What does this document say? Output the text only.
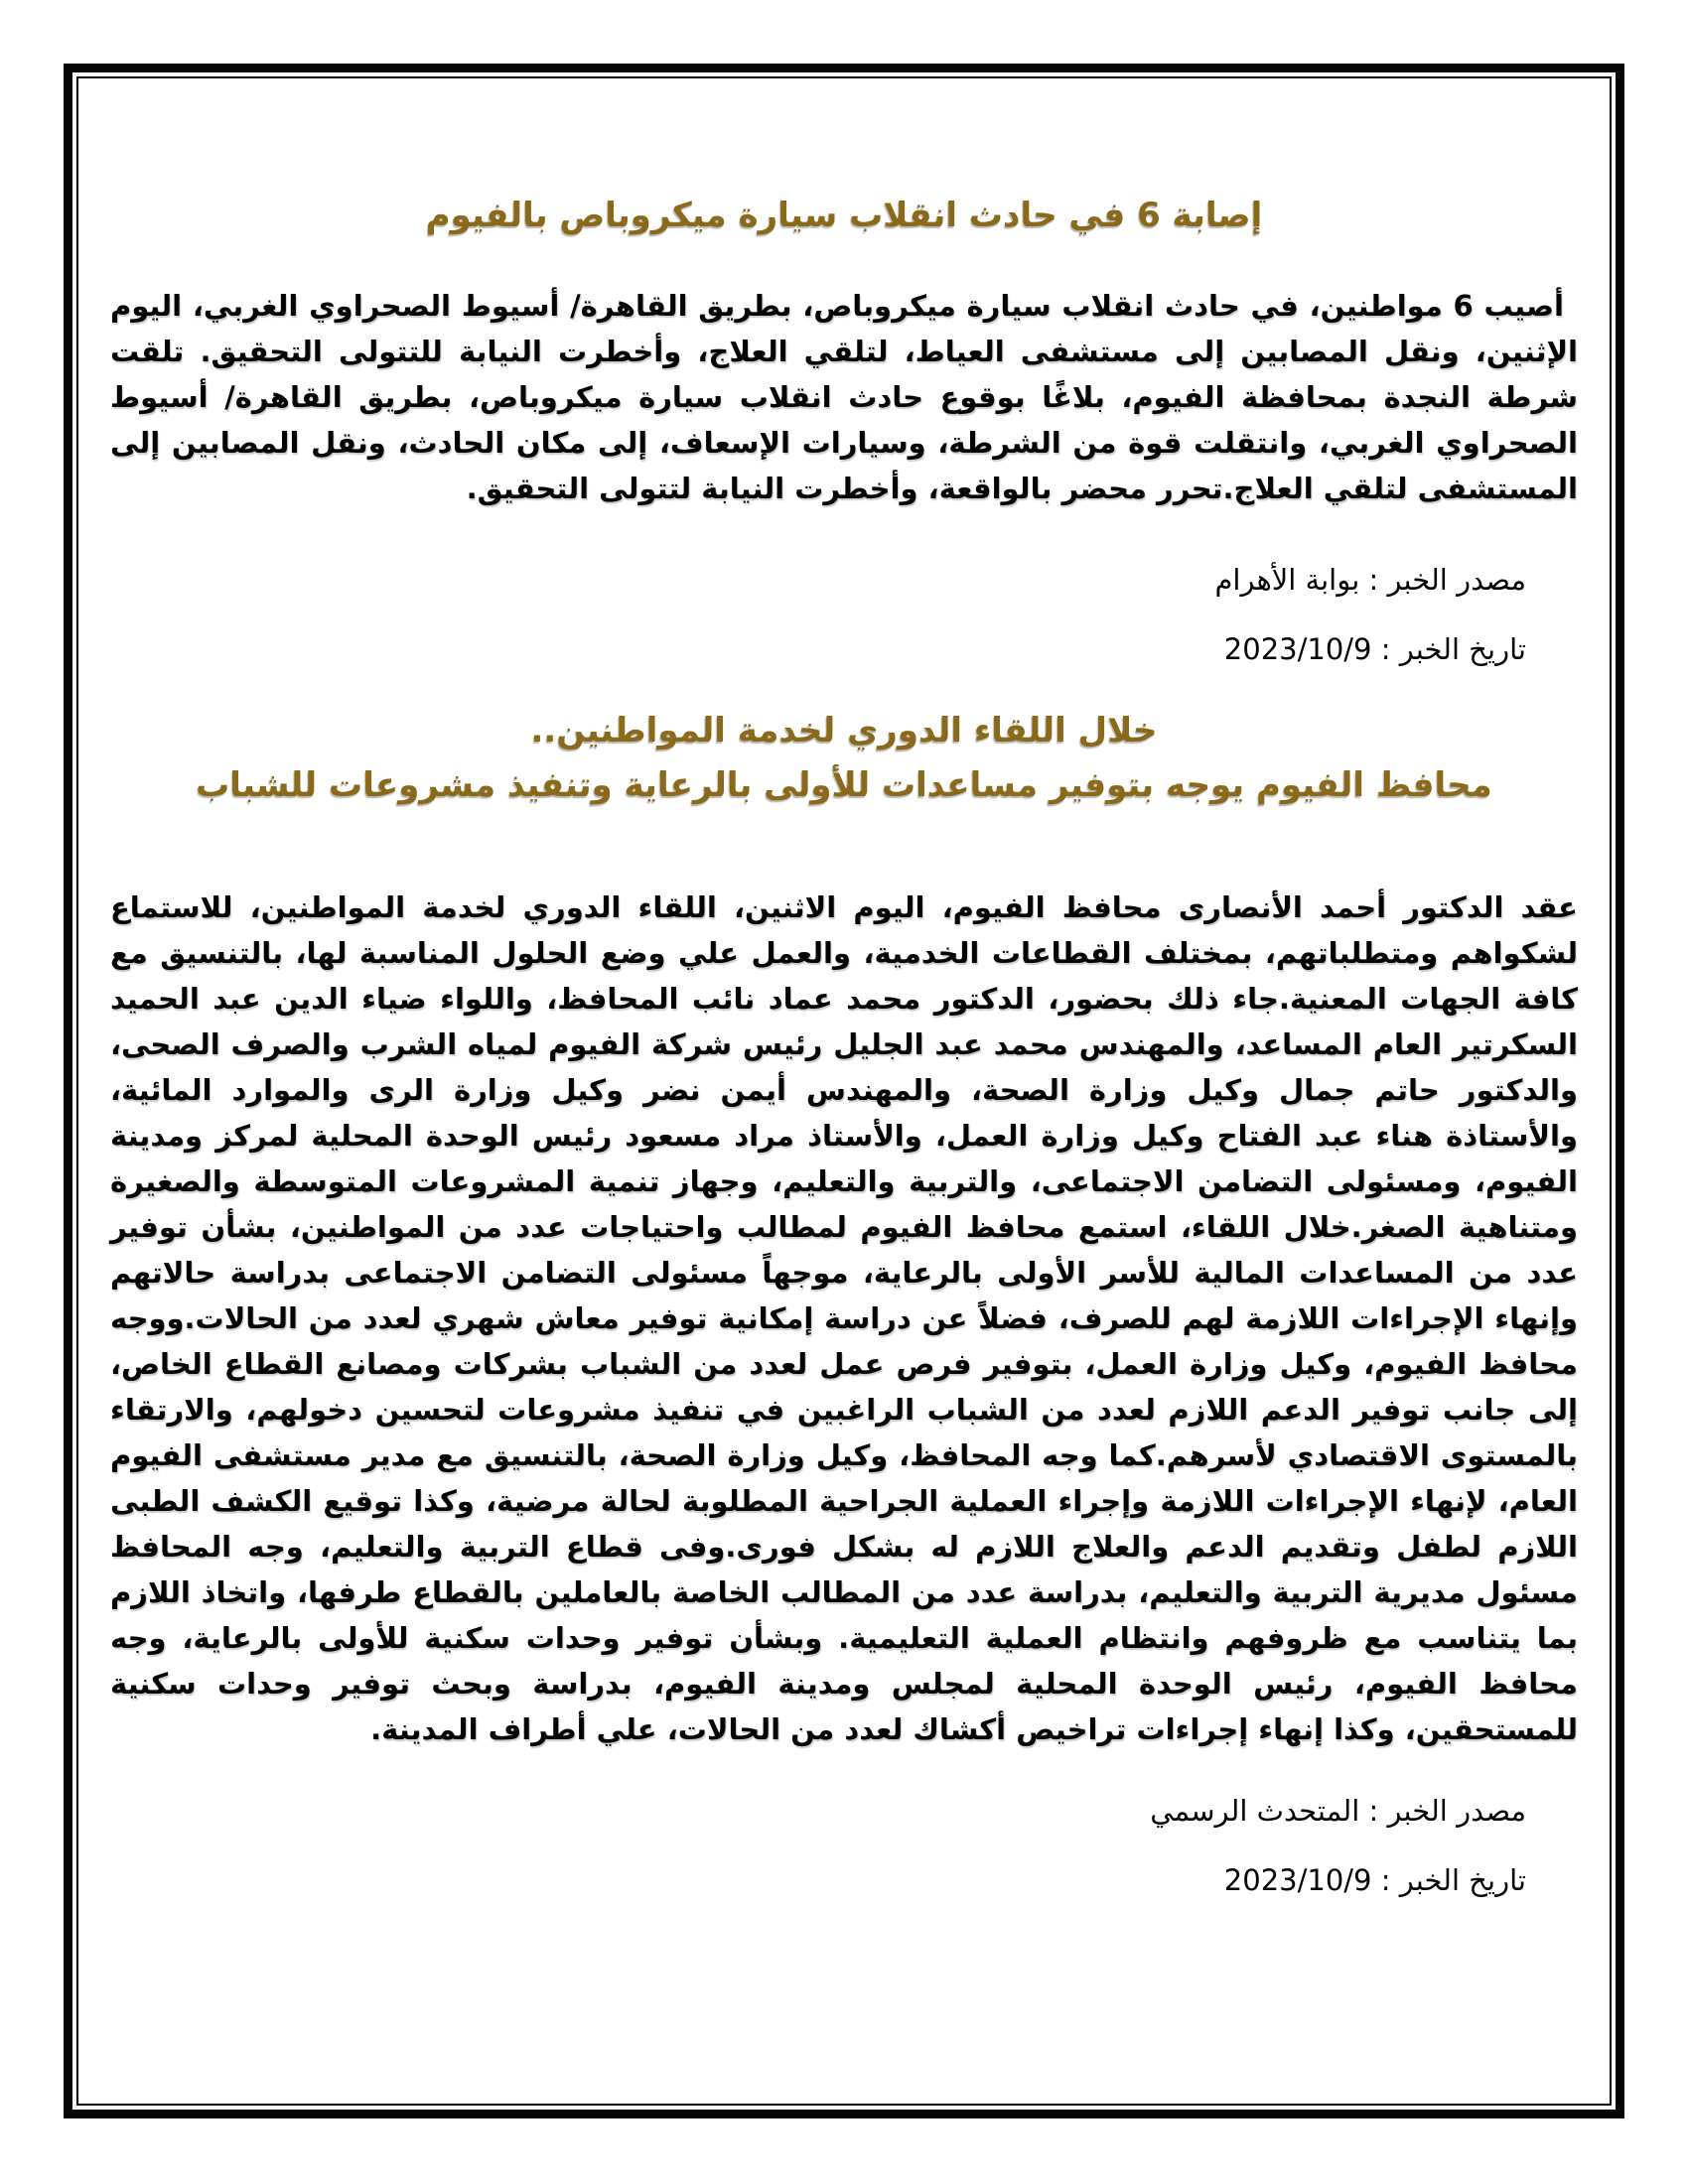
إصابة 6 في حادث انقلاب سيارة ميكروباص بالفيوم

أصيب 6 مواطنين، في حادث انقلاب سيارة ميكروباص، بطريق القاهرة/ أسيوط الصحراوي الغربي، اليوم الإثنين، ونقل المصابين إلى مستشفى العياط، لتلقي العلاج، وأخطرت النيابة للتتولى التحقيق. تلقت شرطة النجدة بمحافظة الفيوم، بلاغًا بوقوع حادث انقلاب سيارة ميكروباص، بطريق القاهرة/ أسيوط الصحراوي الغربي، وانتقلت قوة من الشرطة، وسيارات الإسعاف، إلى مكان الحادث، ونقل المصابين إلى المستشفى لتلقي العلاج.تحرر محضر بالواقعة، وأخطرت النيابة لتتولى التحقيق.

مصدر الخبر : بوابة الأهرام

تاريخ الخبر : 2023/10/9

خلال اللقاء الدوري لخدمة المواطنين..
محافظ الفيوم يوجه بتوفير مساعدات للأولى بالرعاية وتنفيذ مشروعات للشباب

عقد الدكتور أحمد الأنصارى محافظ الفيوم، اليوم الاثنين، اللقاء الدوري لخدمة المواطنين، للاستماع لشكواهم ومتطلباتهم، بمختلف القطاعات الخدمية، والعمل علي وضع الحلول المناسبة لها، بالتنسيق مع كافة الجهات المعنية.جاء ذلك بحضور، الدكتور محمد عماد نائب المحافظ، واللواء ضياء الدين عبد الحميد السكرتير العام المساعد، والمهندس محمد عبد الجليل رئيس شركة الفيوم لمياه الشرب والصرف الصحى، والدكتور حاتم جمال وكيل وزارة الصحة، والمهندس أيمن نضر وكيل وزارة الرى والموارد المائية، والأستاذة هناء عبد الفتاح وكيل وزارة العمل، والأستاذ مراد مسعود رئيس الوحدة المحلية لمركز ومدينة الفيوم، ومسئولى التضامن الاجتماعى، والتربية والتعليم، وجهاز تنمية المشروعات المتوسطة والصغيرة ومتناهية الصغر.خلال اللقاء، استمع محافظ الفيوم لمطالب واحتياجات عدد من المواطنين، بشأن توفير عدد من المساعدات المالية للأسر الأولى بالرعاية، موجهاً مسئولى التضامن الاجتماعى بدراسة حالاتهم وإنهاء الإجراءات اللازمة لهم للصرف، فضلاً عن دراسة إمكانية توفير معاش شهري لعدد من الحالات.ووجه محافظ الفيوم، وكيل وزارة العمل، بتوفير فرص عمل لعدد من الشباب بشركات ومصانع القطاع الخاص، إلى جانب توفير الدعم اللازم لعدد من الشباب الراغبين في تنفيذ مشروعات لتحسين دخولهم، والارتقاء بالمستوى الاقتصادي لأسرهم.كما وجه المحافظ، وكيل وزارة الصحة، بالتنسيق مع مدير مستشفى الفيوم العام، لإنهاء الإجراءات اللازمة وإجراء العملية الجراحية المطلوبة لحالة مرضية، وكذا توقيع الكشف الطبى اللازم لطفل وتقديم الدعم والعلاج اللازم له بشكل فورى.وفى قطاع التربية والتعليم، وجه المحافظ مسئول مديرية التربية والتعليم، بدراسة عدد من المطالب الخاصة بالعاملين بالقطاع طرفها، واتخاذ اللازم بما يتناسب مع ظروفهم وانتظام العملية التعليمية. وبشأن توفير وحدات سكنية للأولى بالرعاية، وجه محافظ الفيوم، رئيس الوحدة المحلية لمجلس ومدينة الفيوم، بدراسة وبحث توفير وحدات سكنية للمستحقين، وكذا إنهاء إجراءات تراخيص أكشاك لعدد من الحالات، علي أطراف المدينة.

مصدر الخبر : المتحدث الرسمي

تاريخ الخبر : 2023/10/9
